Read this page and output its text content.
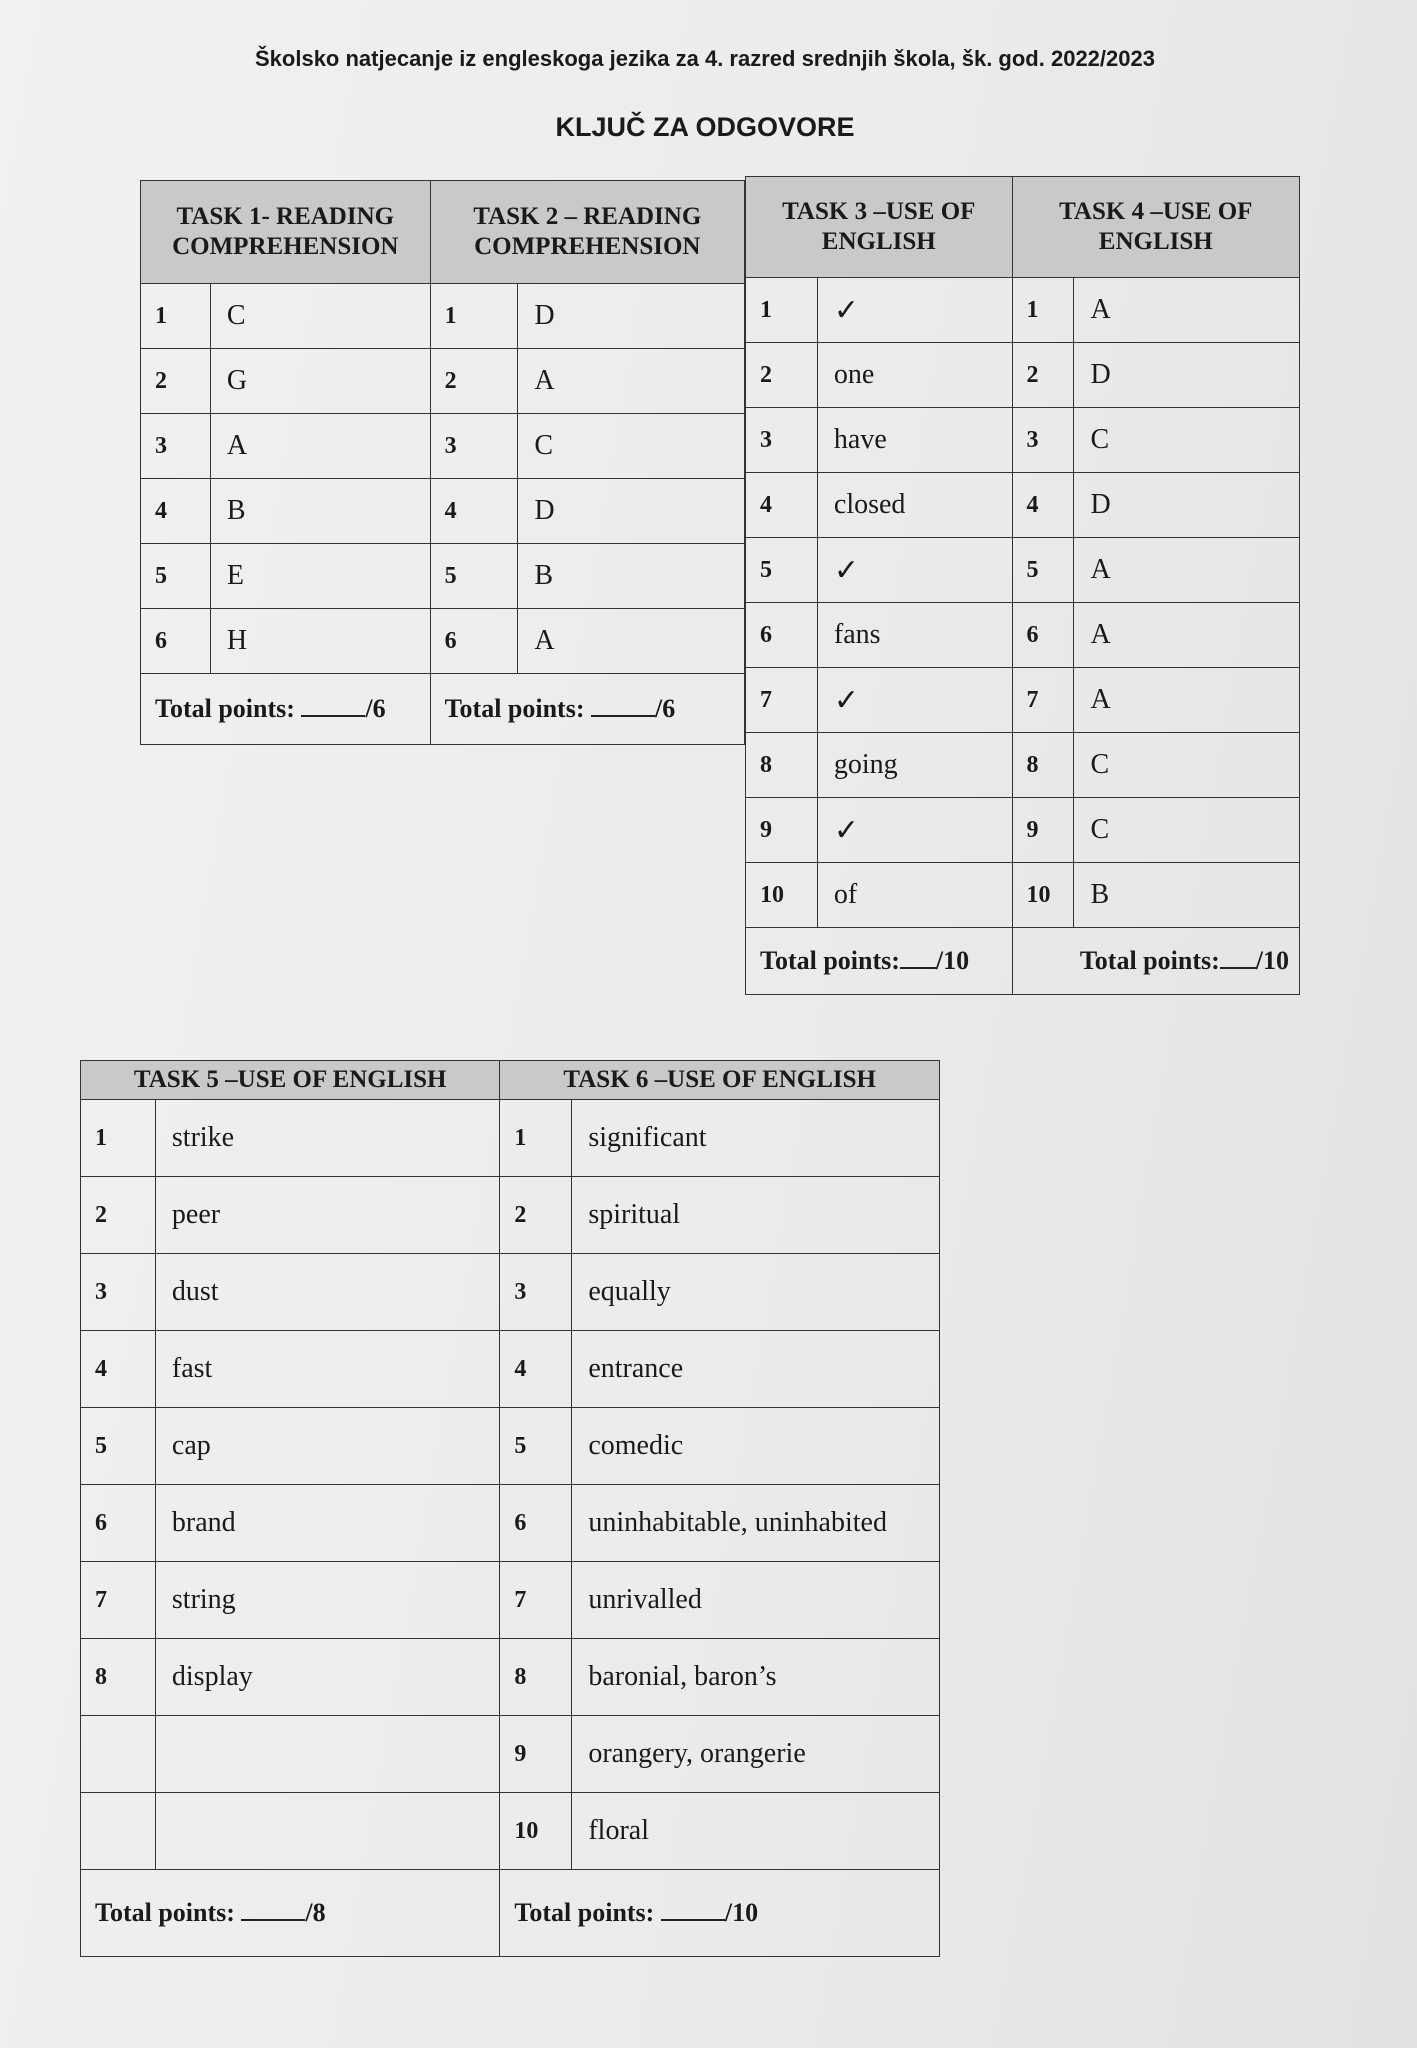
Školsko natjecanje iz engleskoga jezika za 4. razred srednjih škola, šk. god. 2022/2023
KLJUČ ZA ODGOVORE
TASK 1- READING COMPREHENSION		TASK 2 – READING COMPREHENSION	
1	C	1	D
2	G	2	A
3	A	3	C
4	B	4	D
5	E	5	B
6	H	6	A
Total points: /6		Total points: /6	
TASK 3 –USE OF ENGLISH		TASK 4 –USE OF ENGLISH	
1	✓	1	A
2	one	2	D
3	have	3	C
4	closed	4	D
5	✓	5	A
6	fans	6	A
7	✓	7	A
8	going	8	C
9	✓	9	C
10	of	10	B
Total points: /10		Total points: /10	
TASK 5 –USE OF ENGLISH		TASK 6 –USE OF ENGLISH	
1	strike	1	significant
2	peer	2	spiritual
3	dust	3	equally
4	fast	4	entrance
5	cap	5	comedic
6	brand	6	uninhabitable, uninhabited
7	string	7	unrivalled
8	display	8	baronial, baron’s
		9	orangery, orangerie
		10	floral
Total points: /8		Total points: /10	
